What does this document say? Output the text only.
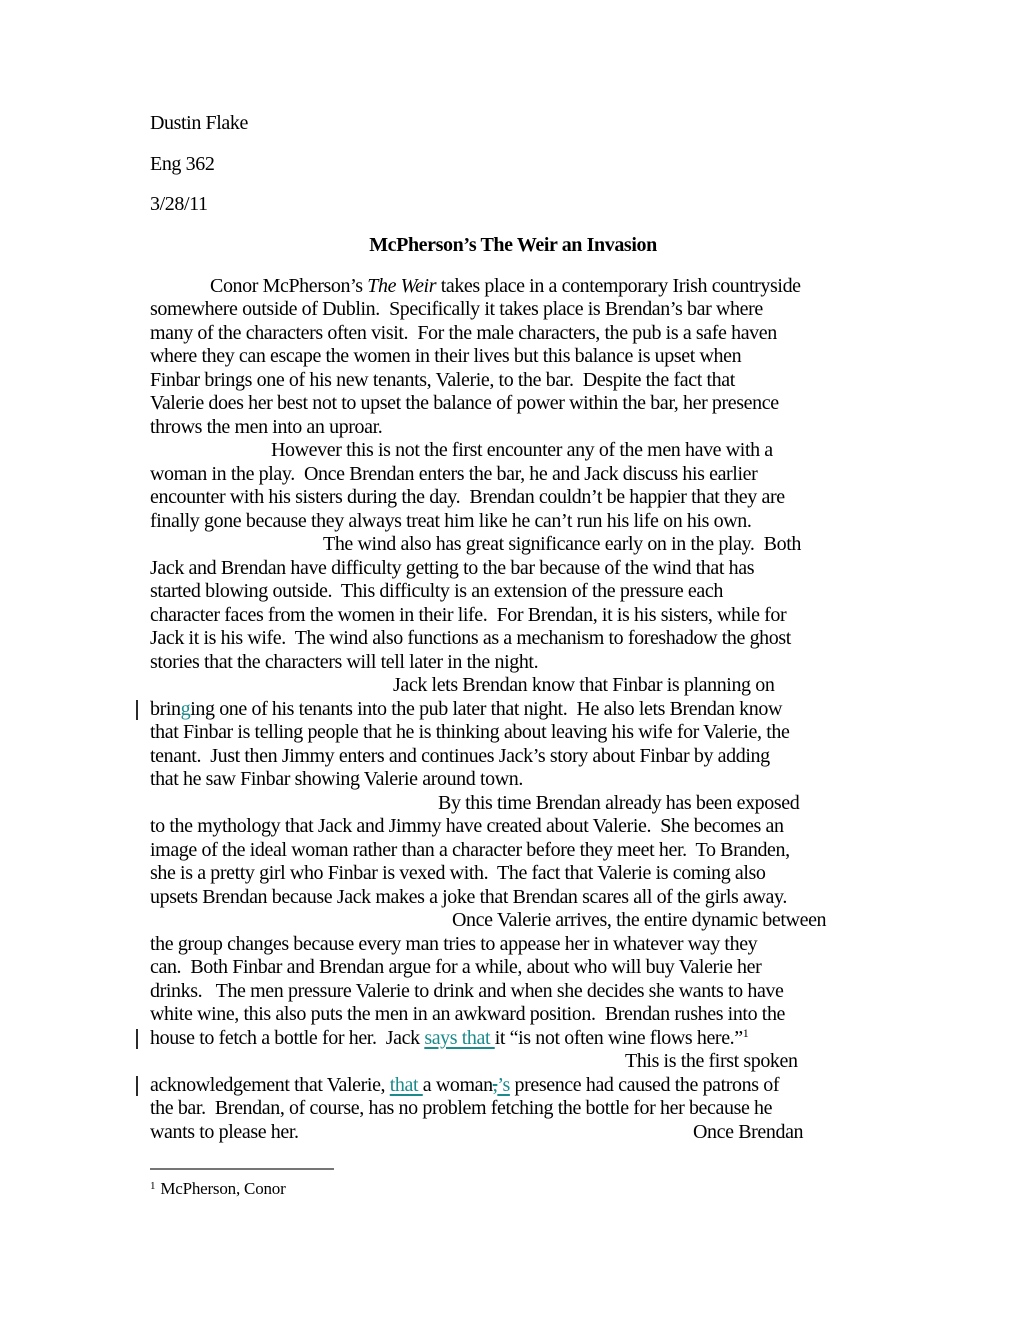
Dustin Flake
Eng 362
3/28/11
McPherson’s The Weir an Invasion
Conor McPherson’s The Weir takes place in a contemporary Irish countryside
somewhere outside of Dublin.  Specifically it takes place is Brendan’s bar where
many of the characters often visit.  For the male characters, the pub is a safe haven
where they can escape the women in their lives but this balance is upset when
Finbar brings one of his new tenants, Valerie, to the bar.  Despite the fact that
Valerie does her best not to upset the balance of power within the bar, her presence
throws the men into an uproar.
However this is not the first encounter any of the men have with a
woman in the play.  Once Brendan enters the bar, he and Jack discuss his earlier
encounter with his sisters during the day.  Brendan couldn’t be happier that they are
finally gone because they always treat him like he can’t run his life on his own.
The wind also has great significance early on in the play.  Both
Jack and Brendan have difficulty getting to the bar because of the wind that has
started blowing outside.  This difficulty is an extension of the pressure each
character faces from the women in their life.  For Brendan, it is his sisters, while for
Jack it is his wife.  The wind also functions as a mechanism to foreshadow the ghost
stories that the characters will tell later in the night.
Jack lets Brendan know that Finbar is planning on
bringing one of his tenants into the pub later that night.  He also lets Brendan know
that Finbar is telling people that he is thinking about leaving his wife for Valerie, the
tenant.  Just then Jimmy enters and continues Jack’s story about Finbar by adding
that he saw Finbar showing Valerie around town.
By this time Brendan already has been exposed
to the mythology that Jack and Jimmy have created about Valerie.  She becomes an
image of the ideal woman rather than a character before they meet her.  To Branden,
she is a pretty girl who Finbar is vexed with.  The fact that Valerie is coming also
upsets Brendan because Jack makes a joke that Brendan scares all of the girls away.
Once Valerie arrives, the entire dynamic between
the group changes because every man tries to appease her in whatever way they
can.  Both Finbar and Brendan argue for a while, about who will buy Valerie her
drinks.   The men pressure Valerie to drink and when she decides she wants to have
white wine, this also puts the men in an awkward position.  Brendan rushes into the
house to fetch a bottle for her.  Jack says that it “is not often wine flows here.”$^1$
This is the first spoken
acknowledgement that Valerie, that a woman,’s presence had caused the patrons of
the bar.  Brendan, of course, has no problem fetching the bottle for her because he
wants to please her.	Once Brendan
$^1$ McPherson, Conor
